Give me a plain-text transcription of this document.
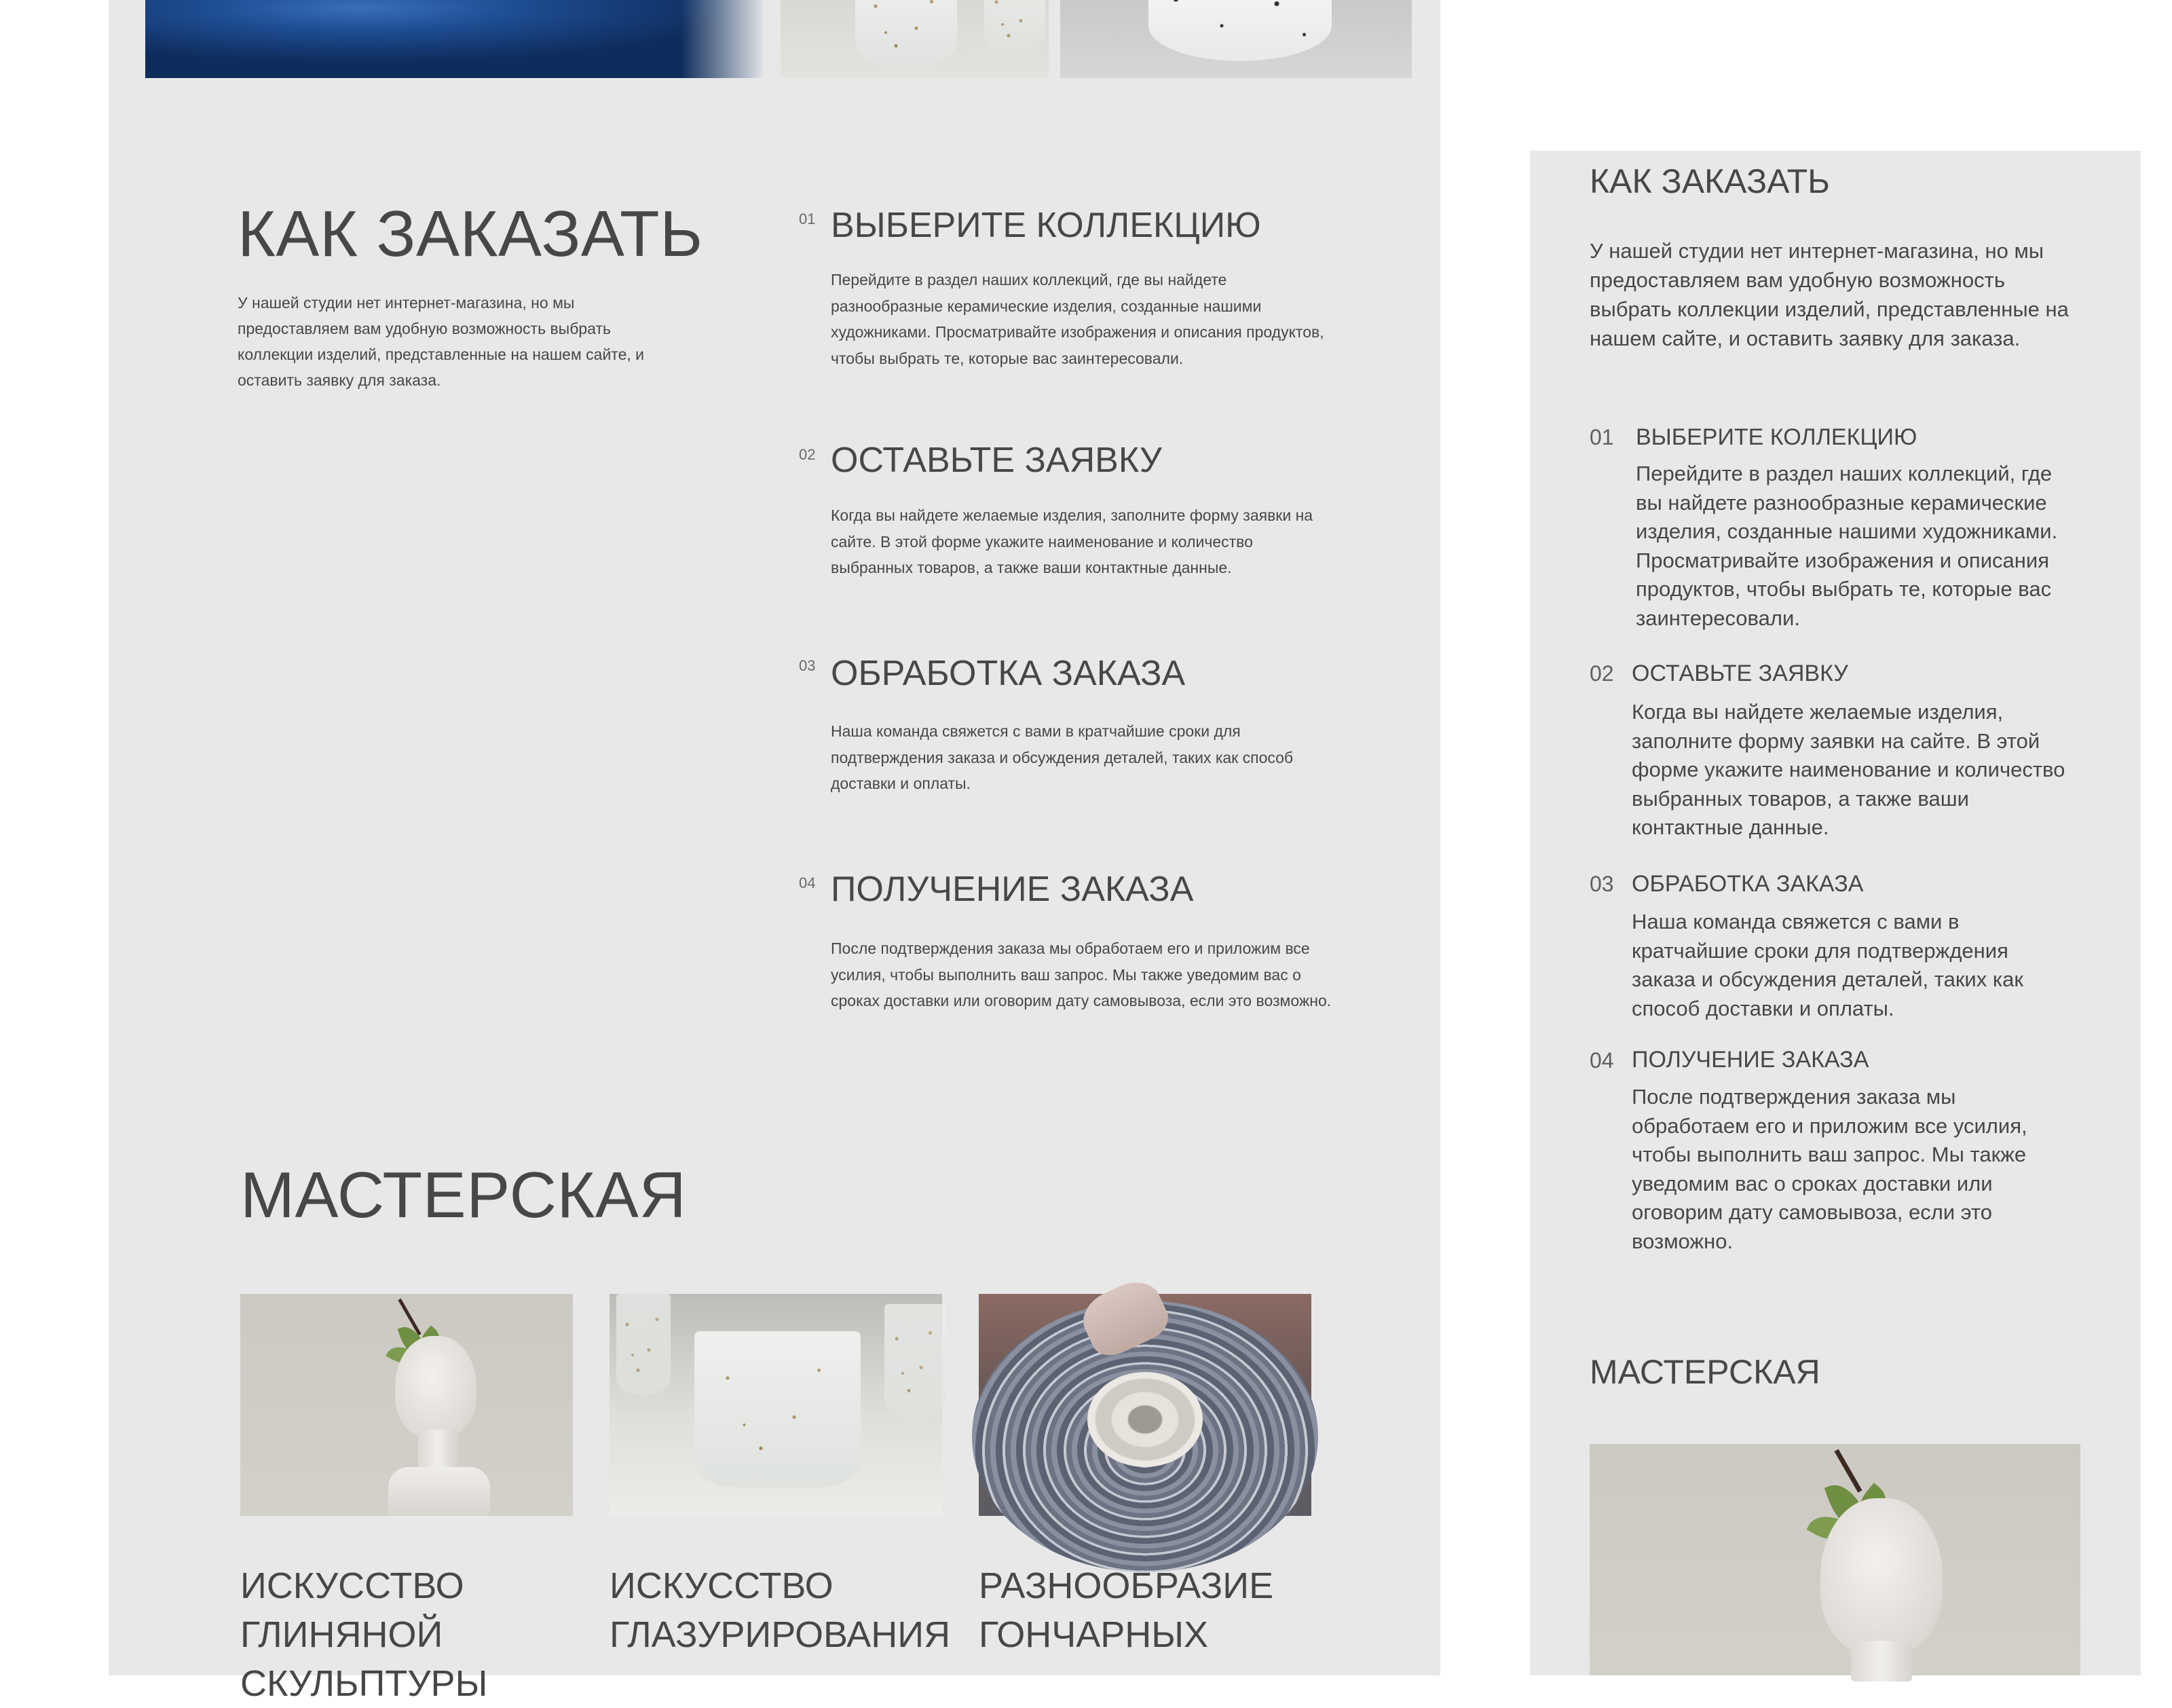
КАК ЗАКАЗАТЬ
У нашей студии нет интернет-магазина, но мы предоставляем вам удобную возможность выбрать коллекции изделий, представленные на нашем сайте, и оставить заявку для заказа.
01 ВЫБЕРИТЕ КОЛЛЕКЦИЮ
Перейдите в раздел наших коллекций, где вы найдете разнообразные керамические изделия, созданные нашими художниками. Просматривайте изображения и описания продуктов, чтобы выбрать те, которые вас заинтересовали.
02 ОСТАВЬТЕ ЗАЯВКУ
Когда вы найдете желаемые изделия, заполните форму заявки на сайте. В этой форме укажите наименование и количество выбранных товаров, а также ваши контактные данные.
03 ОБРАБОТКА ЗАКАЗА
Наша команда свяжется с вами в кратчайшие сроки для подтверждения заказа и обсуждения деталей, таких как способ доставки и оплаты.
04 ПОЛУЧЕНИЕ ЗАКАЗА
После подтверждения заказа мы обработаем его и приложим все усилия, чтобы выполнить ваш запрос. Мы также уведомим вас о сроках доставки или оговорим дату самовывоза, если это возможно.
МАСТЕРСКАЯ
ИСКУССТВО ГЛИНЯНОЙ СКУЛЬПТУРЫ
ИСКУССТВО ГЛАЗУРИРОВАНИЯ
РАЗНООБРАЗИЕ ГОНЧАРНЫХ
КАК ЗАКАЗАТЬ
У нашей студии нет интернет-магазина, но мы предоставляем вам удобную возможность выбрать коллекции изделий, представленные на нашем сайте, и оставить заявку для заказа.
01 ВЫБЕРИТЕ КОЛЛЕКЦИЮ
Перейдите в раздел наших коллекций, где вы найдете разнообразные керамические изделия, созданные нашими художниками. Просматривайте изображения и описания продуктов, чтобы выбрать те, которые вас заинтересовали.
02 ОСТАВЬТЕ ЗАЯВКУ
Когда вы найдете желаемые изделия, заполните форму заявки на сайте. В этой форме укажите наименование и количество выбранных товаров, а также ваши контактные данные.
03 ОБРАБОТКА ЗАКАЗА
Наша команда свяжется с вами в кратчайшие сроки для подтверждения заказа и обсуждения деталей, таких как способ доставки и оплаты.
04 ПОЛУЧЕНИЕ ЗАКАЗА
После подтверждения заказа мы обработаем его и приложим все усилия, чтобы выполнить ваш запрос. Мы также уведомим вас о сроках доставки или оговорим дату самовывоза, если это возможно.
МАСТЕРСКАЯ
